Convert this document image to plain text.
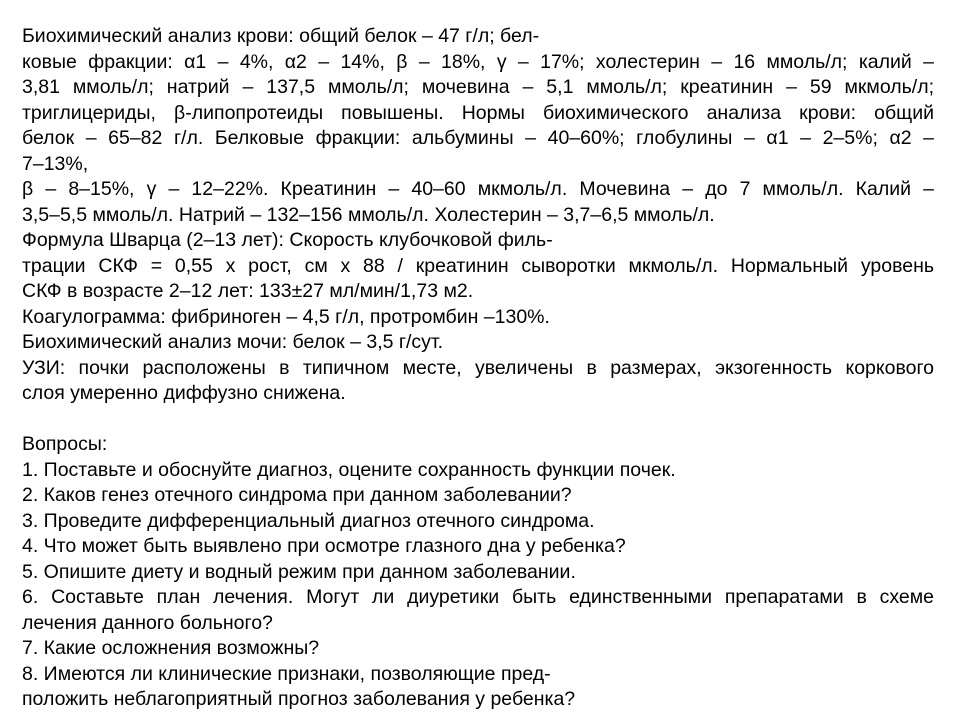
Биохимический анализ крови: общий белок – 47 г/л; бел-
ковые фракции: α1 – 4%, α2 – 14%, β – 18%, γ – 17%; холестерин – 16 ммоль/л; калий –
3,81 ммоль/л; натрий – 137,5 ммоль/л; мочевина – 5,1 ммоль/л; креатинин – 59 мкмоль/л;
триглицериды, β-липопротеиды повышены. Нормы биохимического анализа крови: общий
белок – 65–82 г/л. Белковые фракции: альбумины – 40–60%; глобулины – α1 – 2–5%; α2 –
7–13%,
β – 8–15%, γ – 12–22%. Креатинин – 40–60 мкмоль/л. Мочевина – до 7 ммоль/л. Калий –
3,5–5,5 ммоль/л. Натрий – 132–156 ммоль/л. Холестерин – 3,7–6,5 ммоль/л.
Формула Шварца (2–13 лет): Скорость клубочковой филь-
трации СКФ = 0,55 х рост, см х 88 / креатинин сыворотки мкмоль/л. Нормальный уровень
СКФ в возрасте 2–12 лет: 133±27 мл/мин/1,73 м2.
Коагулограмма: фибриноген – 4,5 г/л, протромбин –130%.
Биохимический анализ мочи: белок – 3,5 г/сут.
УЗИ: почки расположены в типичном месте, увеличены в размерах, экзогенность коркового
слоя умеренно диффузно снижена.
Вопросы:
1. Поставьте и обоснуйте диагноз, оцените сохранность функции почек.
2. Каков генез отечного синдрома при данном заболевании?
3. Проведите дифференциальный диагноз отечного синдрома.
4. Что может быть выявлено при осмотре глазного дна у ребенка?
5. Опишите диету и водный режим при данном заболевании.
6. Составьте план лечения. Могут ли диуретики быть единственными препаратами в схеме
лечения данного больного?
7. Какие осложнения возможны?
8. Имеются ли клинические признаки, позволяющие пред-
положить неблагоприятный прогноз заболевания у ребенка?
